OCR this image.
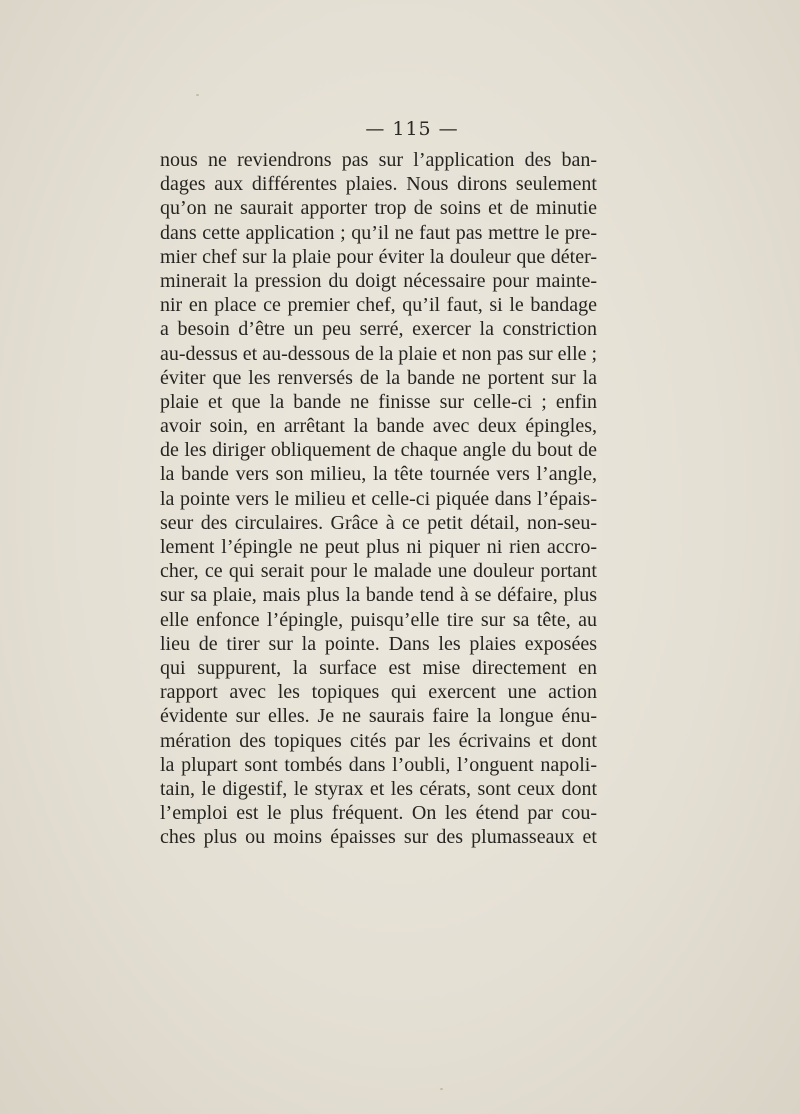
— 115 —
nous ne reviendrons pas sur l’application des ban-
dages aux différentes plaies. Nous dirons seulement
qu’on ne saurait apporter trop de soins et de minutie
dans cette application ; qu’il ne faut pas mettre le pre-
mier chef sur la plaie pour éviter la douleur que déter-
minerait la pression du doigt nécessaire pour mainte-
nir en place ce premier chef, qu’il faut, si le bandage
a besoin d’être un peu serré, exercer la constriction
au-dessus et au-dessous de la plaie et non pas sur elle ;
éviter que les renversés de la bande ne portent sur la
plaie et que la bande ne finisse sur celle-ci ; enfin
avoir soin, en arrêtant la bande avec deux épingles,
de les diriger obliquement de chaque angle du bout de
la bande vers son milieu, la tête tournée vers l’angle,
la pointe vers le milieu et celle-ci piquée dans l’épais-
seur des circulaires. Grâce à ce petit détail, non-seu-
lement l’épingle ne peut plus ni piquer ni rien accro-
cher, ce qui serait pour le malade une douleur portant
sur sa plaie, mais plus la bande tend à se défaire, plus
elle enfonce l’épingle, puisqu’elle tire sur sa tête, au
lieu de tirer sur la pointe. Dans les plaies exposées
qui suppurent, la surface est mise directement en
rapport avec les topiques qui exercent une action
évidente sur elles. Je ne saurais faire la longue énu-
mération des topiques cités par les écrivains et dont
la plupart sont tombés dans l’oubli, l’onguent napoli-
tain, le digestif, le styrax et les cérats, sont ceux dont
l’emploi est le plus fréquent. On les étend par cou-
ches plus ou moins épaisses sur des plumasseaux et
